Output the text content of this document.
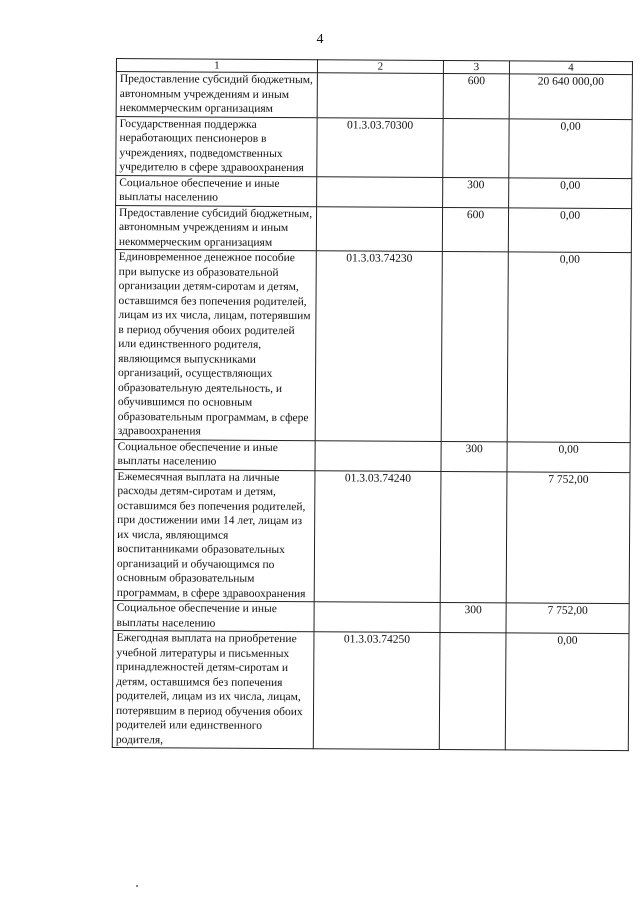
4
1	2	3	4
Предоставление субсидий бюджетным, автономным учреждениям и иным некоммерческим организациям		600	20 640 000,00
Государственная поддержка неработающих пенсионеров в учреждениях, подведомственных учредителю в сфере здравоохранения	01.3.03.70300		0,00
Социальное обеспечение и иные выплаты населению		300	0,00
Предоставление субсидий бюджетным, автономным учреждениям и иным некоммерческим организациям		600	0,00
Единовременное денежное пособие при выпуске из образовательной организации детям-сиротам и детям, оставшимся без попечения родителей, лицам из их числа, лицам, потерявшим в период обучения обоих родителей или единственного родителя, являющимся выпускниками организаций, осуществляющих образовательную деятельность, и обучившимся по основным образовательным программам, в сфере здравоохранения	01.3.03.74230		0,00
Социальное обеспечение и иные выплаты населению		300	0,00
Ежемесячная выплата на личные расходы детям-сиротам и детям, оставшимся без попечения родителей, при достижении ими 14 лет, лицам из их числа, являющимся воспитанниками образовательных организаций и обучающимся по основным образовательным программам, в сфере здравоохранения	01.3.03.74240		7 752,00
Социальное обеспечение и иные выплаты населению		300	7 752,00
Ежегодная выплата на приобретение учебной литературы и письменных принадлежностей детям-сиротам и детям, оставшимся без попечения родителей, лицам из их числа, лицам, потерявшим в период обучения обоих родителей или единственного родителя,	01.3.03.74250		0,00
